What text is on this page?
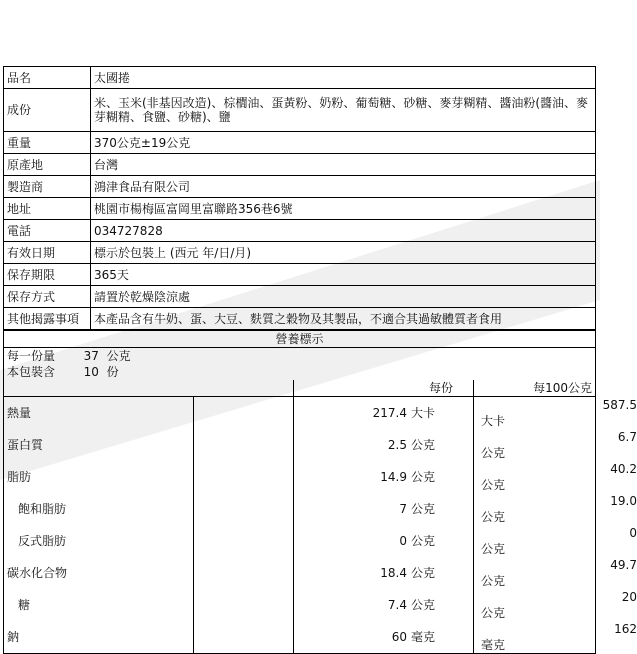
品名	太國捲
成份	米、玉米(非基因改造)、棕櫚油、蛋黃粉、奶粉、葡萄糖、砂糖、麥芽糊精、醬油粉(醬油、麥芽糊精、食鹽、砂糖)、鹽
重量	370公克±19公克
原產地	台灣
製造商	鴻津食品有限公司
地址	桃園市楊梅區富岡里富聯路356巷6號
電話	034727828
有效日期	標示於包裝上 (西元 年/日/月)
保存期限	365天
保存方式	請置於乾燥陰涼處
其他揭露事項	本產品含有牛奶、蛋、大豆、麩質之穀物及其製品，不適合其過敏體質者食用
營養標示			
每一份量 37 公克			
本包裝含 10 份			
		每份	每100公克
熱量		217.4 大卡	587.5大卡
蛋白質		2.5 公克	6.7公克
脂肪		14.9 公克	40.2公克
飽和脂肪		7 公克	19.0公克
反式脂肪		0 公克	0公克
碳水化合物		18.4 公克	49.7公克
糖		7.4 公克	20公克
鈉		60 毫克	162毫克
